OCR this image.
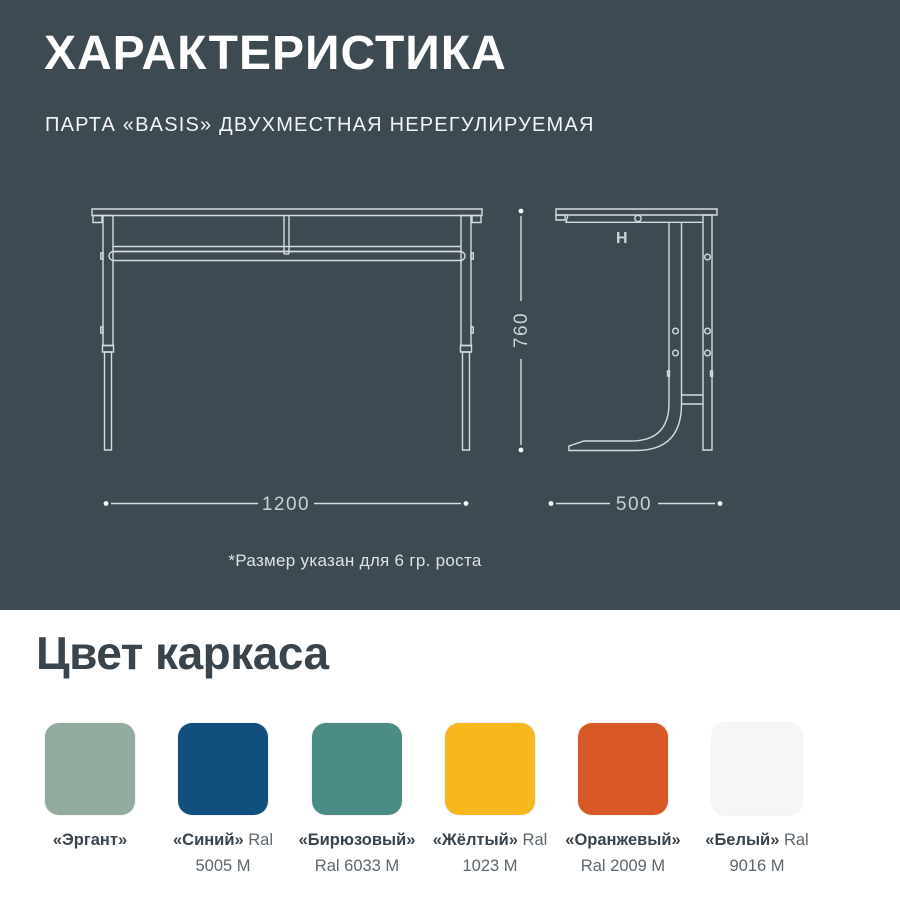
ХАРАКТЕРИСТИКА
ПАРТА «BASIS» ДВУХМЕСТНАЯ НЕРЕГУЛИРУЕМАЯ
H
1200	500
760
*Размер указан для 6 гр. роста
Цвет каркаса
«Эргант»	«Синий» Ral 5005 M
«Бирюзовый» Ral 6033 M
«Жёлтый» Ral 1023 M
«Оранжевый» Ral 2009 M
«Белый» Ral 9016 M
